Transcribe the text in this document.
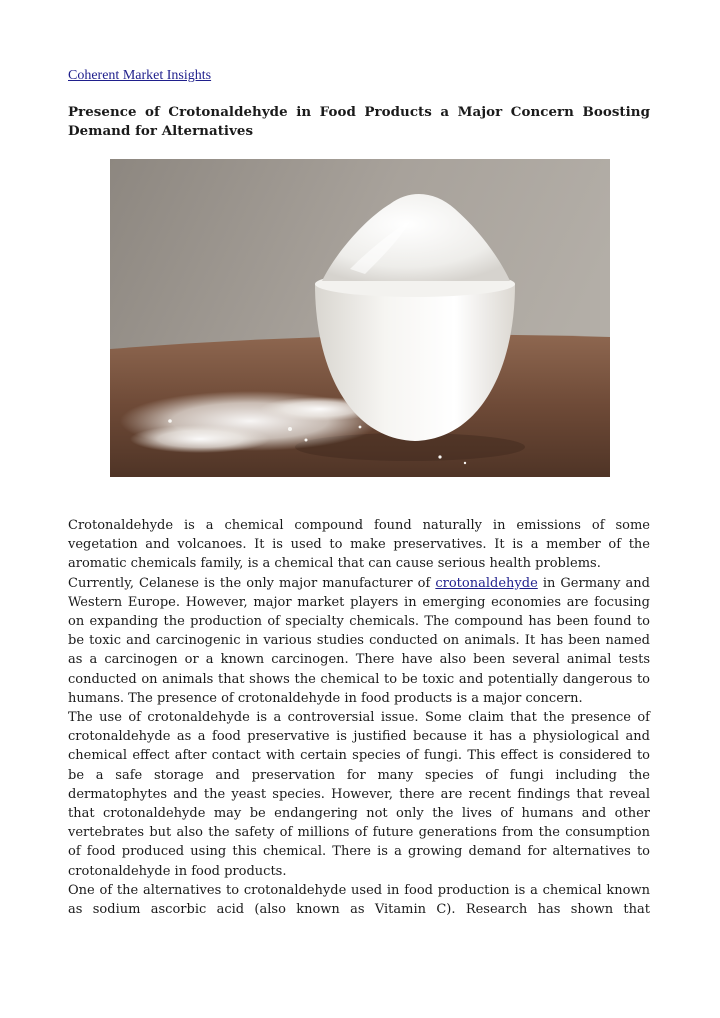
Coherent Market Insights
Presence of Crotonaldehyde in Food Products a Major Concern Boosting Demand for Alternatives

Crotonaldehyde is a chemical compound found naturally in emissions of some vegetation and volcanoes. It is used to make preservatives. It is a member of the aromatic chemicals family, is a chemical that can cause serious health problems.

Currently, Celanese is the only major manufacturer of crotonaldehyde in Germany and Western Europe. However, major market players in emerging economies are focusing on expanding the production of specialty chemicals. The compound has been found to be toxic and carcinogenic in various studies conducted on animals. It has been named as a carcinogen or a known carcinogen. There have also been several animal tests conducted on animals that shows the chemical to be toxic and potentially dangerous to humans. The presence of crotonaldehyde in food products is a major concern.

The use of crotonaldehyde is a controversial issue. Some claim that the presence of crotonaldehyde as a food preservative is justified because it has a physiological and chemical effect after contact with certain species of fungi. This effect is considered to be a safe storage and preservation for many species of fungi including the dermatophytes and the yeast species. However, there are recent findings that reveal that crotonaldehyde may be endangering not only the lives of humans and other vertebrates but also the safety of millions of future generations from the consumption of food produced using this chemical. There is a growing demand for alternatives to crotonaldehyde in food products.

One of the alternatives to crotonaldehyde used in food production is a chemical known as sodium ascorbic acid (also known as Vitamin C). Research has shown that
